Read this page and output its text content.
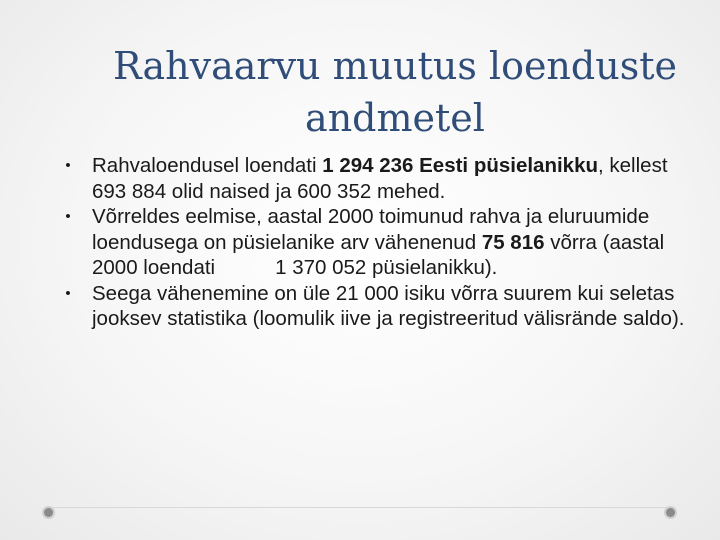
Rahvaarvu muutus loenduste
andmetel

•	Rahvaloendusel loendati 1 294 236 Eesti püsielanikku, kellest 693 884 olid naised ja 600 352 mehed.

•	Võrreldes eelmise, aastal 2000 toimunud rahva ja eluruumide loendusega on püsielanike arv vähenenud 75 816 võrra (aastal 2000 loendati	1 370 052 püsielanikku).

•	Seega vähenemine on üle 21 000 isiku võrra suurem kui seletas jooksev statistika (loomulik iive ja registreeritud välisrände saldo).
